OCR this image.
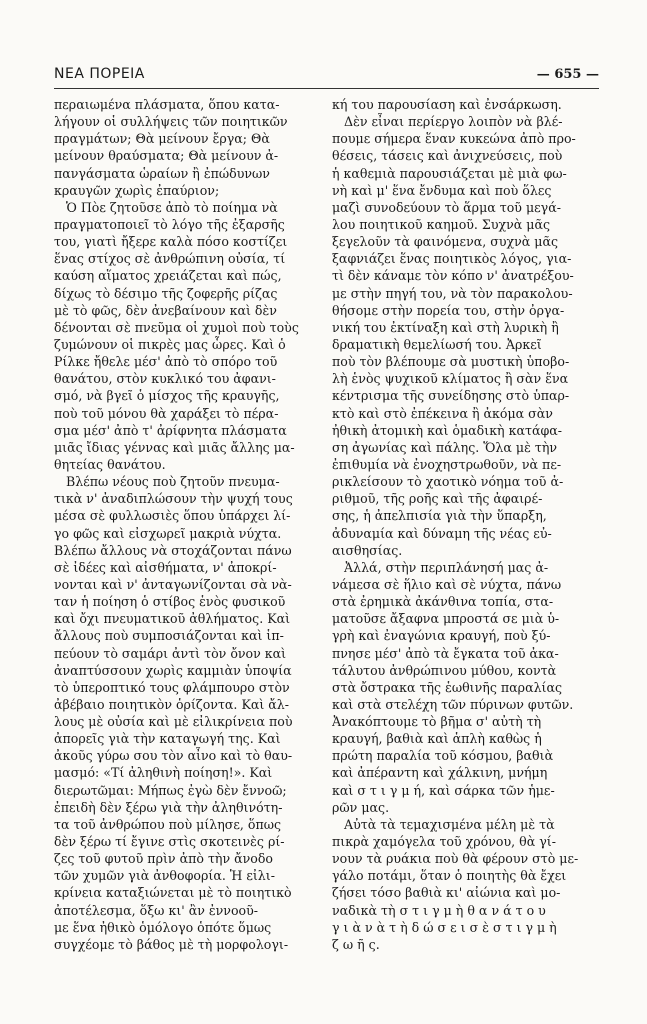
ΝΕΑ ΠΟΡΕΙΑ	— 655 —
περαιωμένα πλάσματα, ὅπου κατα-
λήγουν οἱ συλλήψεις τῶν ποιητικῶν
πραγμάτων; Θὰ μείνουν ἔργα; Θὰ
μείνουν θραύσματα; Θὰ μείνουν ἀ-
πανγάσματα ὡραίων ἢ ἐπώδυνων
κραυγῶν χωρὶς ἐπαύριον;
Ὁ Πὸε ζητοῦσε ἀπὸ τὸ ποίημα νὰ
πραγματοποιεῖ τὸ λόγο τῆς ἐξαρσῆς
του, γιατὶ ἤξερε καλὰ πόσο κοστίζει
ἕνας στίχος σὲ ἀνθρώπινη οὐσία, τί
καύση αἵματος χρειάζεται καὶ πώς,
δίχως τὸ δέσιμο τῆς ζοφερῆς ρίζας
μὲ τὸ φῶς, δὲν ἀνεβαίνουν καὶ δὲν
δένονται σὲ πνεῦμα οἱ χυμοὶ ποὺ τοὺς
ζυμώνουν οἱ πικρὲς μας ὧρες. Καὶ ὁ
Ρίλκε ἤθελε μέσ' ἀπὸ τὸ σπόρο τοῦ
θανάτου, στὸν κυκλικό του ἀφανι-
σμό, νὰ βγεῖ ὁ μίσχος τῆς κραυγῆς,
ποὺ τοῦ μόνου θὰ χαράξει τὸ πέρα-
σμα μέσ' ἀπὸ τ' ἀρίφνητα πλάσματα
μιᾶς ἴδιας γέννας καὶ μιᾶς ἄλλης μα-
θητείας θανάτου.
Βλέπω νέους ποὺ ζητοῦν πνευμα-
τικὰ ν' ἀναδιπλώσουν τὴν ψυχή τους
μέσα σὲ φυλλωσιὲς ὅπου ὑπάρχει λί-
γο φῶς καὶ εἰσχωρεῖ μακριὰ νύχτα.
Βλέπω ἄλλους νὰ στοχάζονται πάνω
σὲ ἰδέες καὶ αἰσθήματα, ν' ἀποκρί-
νονται καὶ ν' ἀνταγωνίζονται σὰ νὰ-
ταν ἡ ποίηση ὁ στίβος ἑνὸς φυσικοῦ
καὶ ὄχι πνευματικοῦ ἀθλήματος. Καὶ
ἄλλους ποὺ συμποσιάζονται καὶ ἱπ-
πεύουν τὸ σαμάρι ἀντὶ τὸν ὄνον καὶ
ἀναπτύσσουν χωρὶς καμμιὰν ὑποψία
τὸ ὑπεροπτικό τους φλάμπουρο στὸν
ἀβέβαιο ποιητικὸν ὁρίζοντα. Καὶ ἄλ-
λους μὲ οὐσία καὶ μὲ εἰλικρίνεια ποὺ
ἀπορεῖς γιὰ τὴν καταγωγή της. Καὶ
ἀκοῦς γύρω σου τὸν αἶνο καὶ τὸ θαυ-
μασμό: «Τί ἀληθινὴ ποίηση!». Καὶ
διερωτῶμαι: Μήπως ἐγὼ δὲν ἔννοῶ;
ἐπειδὴ δὲν ξέρω γιὰ τὴν ἀληθινότη-
τα τοῦ ἀνθρώπου ποὺ μίλησε, ὅπως
δὲν ξέρω τί ἔγινε στὶς σκοτεινὲς ρί-
ζες τοῦ φυτοῦ πρὶν ἀπὸ τὴν ἄνοδο
τῶν χυμῶν γιὰ ἀνθοφορία. Ἡ εἰλι-
κρίνεια καταξιώνεται μὲ τὸ ποιητικὸ
ἀποτέλεσμα, ὅξω κι' ἂν ἐννοοῦ-
με ἕνα ἠθικὸ ὁμόλογο ὁπότε ὅμως
συγχέομε τὸ βάθος μὲ τὴ μορφολογι-
κή του παρουσίαση καὶ ἐνσάρκωση.
Δὲν εἶναι περίεργο λοιπὸν νὰ βλέ-
πουμε σήμερα ἕναν κυκεώνα ἀπὸ προ-
θέσεις, τάσεις καὶ ἀνιχνεύσεις, ποὺ
ἡ καθεμιὰ παρουσιάζεται μὲ μιὰ φω-
νὴ καὶ μ' ἕνα ἔνδυμα καὶ ποὺ ὅλες
μαζὶ συνοδεύουν τὸ ἅρμα τοῦ μεγά-
λου ποιητικοῦ καημοῦ. Συχνὰ μᾶς
ξεγελοῦν τὰ φαινόμενα, συχνὰ μᾶς
ξαφνιάζει ἕνας ποιητικὸς λόγος, για-
τὶ δὲν κάναμε τὸν κόπο ν' ἀνατρέξου-
με στὴν πηγή του, νὰ τὸν παρακολου-
θήσομε στὴν πορεία του, στὴν ὀργα-
νική του ἐκτίναξη καὶ στὴ λυρικὴ ἢ
δραματικὴ θεμελίωσή του. Ἀρκεῖ
ποὺ τὸν βλέπουμε σὰ μυστικὴ ὑποβο-
λὴ ἑνὸς ψυχικοῦ κλίματος ἢ σὰν ἕνα
κέντρισμα τῆς συνείδησης στὸ ὑπαρ-
κτὸ καὶ στὸ ἐπέκεινα ἢ ἀκόμα σὰν
ἠθικὴ ἀτομικὴ καὶ ὁμαδικὴ κατάφα-
ση ἀγωνίας καὶ πάλης. Ὅλα μὲ τὴν
ἐπιθυμία νὰ ἐνοχηστρωθοῦν, νὰ πε-
ρικλείσουν τὸ χαοτικὸ νόημα τοῦ ἀ-
ριθμοῦ, τῆς ροῆς καὶ τῆς ἀφαιρέ-
σης, ἡ ἀπελπισία γιὰ τὴν ὕπαρξη,
ἀδυναμία καὶ δύναμη τῆς νέας εὐ-
αισθησίας.
Ἀλλά, στὴν περιπλάνησή μας ἀ-
νάμεσα σὲ ἥλιο καὶ σὲ νύχτα, πάνω
στὰ ἐρημικὰ ἀκάνθινα τοπία, στα-
ματοῦσε ἄξαφνα μπροστά σε μιὰ ὑ-
γρὴ καὶ ἐναγώνια κραυγή, ποὺ ξύ-
πνησε μέσ' ἀπὸ τὰ ἔγκατα τοῦ ἀκα-
τάλυτου ἀνθρώπινου μύθου, κοντὰ
στὰ ὄστρακα τῆς ἑωθινῆς παραλίας
καὶ στὰ στελέχη τῶν πύρινων φυτῶν.
Ἀνακόπτουμε τὸ βῆμα σ' αὐτὴ τὴ
κραυγή, βαθιὰ καὶ ἁπλὴ καθὼς ἡ
πρώτη παραλία τοῦ κόσμου, βαθιὰ
καὶ ἀπέραντη καὶ χάλκινη, μνήμη
καὶ σ τ ι γ μ ή, καὶ σάρκα τῶν ἡμε-
ρῶν μας.
Αὐτὰ τὰ τεμαχισμένα μέλη μὲ τὰ
πικρὰ χαμόγελα τοῦ χρόνου, θὰ γί-
νουν τὰ ρυάκια ποὺ θὰ φέρουν στὸ με-
γάλο ποτάμι, ὅταν ὁ ποιητὴς θὰ ἔχει
ζήσει τόσο βαθιὰ κι' αἰώνια καὶ μο-
ναδικὰ τὴ σ τ ι γ μ ὴ θ α ν ά τ ο υ
γ ι ὰ ν ὰ τ ὴ δ ώ σ ε ι σ ὲ σ τ ι γ μ ὴ
ζ ω ῆ ς.
